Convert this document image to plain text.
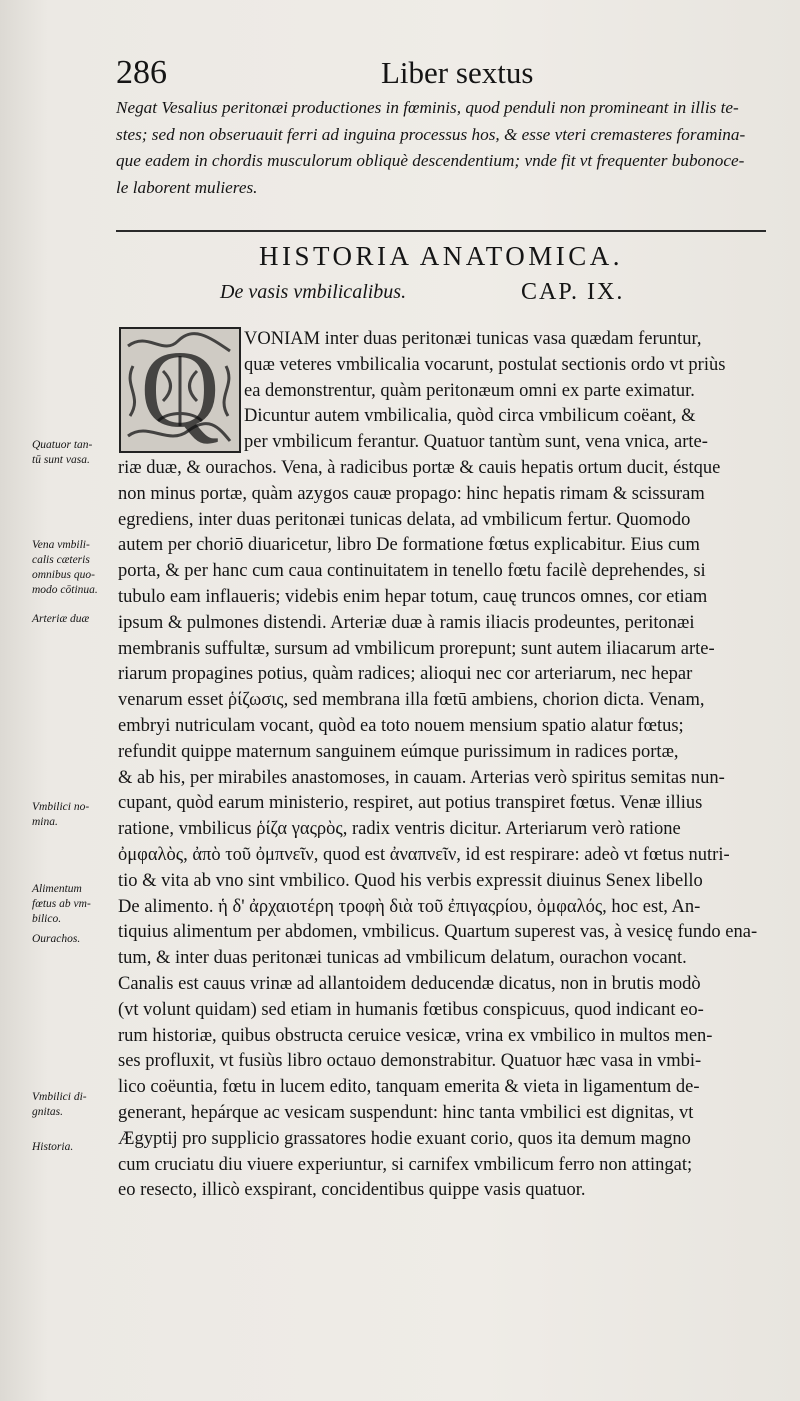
286	Liber sextus

Negat Vesalius peritonæi productiones in fœminis, quod penduli non promineant in illis te-

stes; sed non obseruauit ferri ad inguina processus hos, & esse vteri cremasteres foramina-

que eadem in chordis musculorum obliquè descendentium; vnde fit vt frequenter bubonoce-

le laborent mulieres.

HISTORIA ANATOMICA.
De vasis vmbilicalibus.	CAP. IX.
Q	VONIAM inter duas peritonæi tunicas vasa quædam feruntur,
quæ veteres vmbilicalia vocarunt, postulat sectionis ordo vt priùs
ea demonstrentur, quàm peritonæum omni ex parte eximatur.
Dicuntur autem vmbilicalia, quòd circa vmbilicum coëant, &
per vmbilicum ferantur. Quatuor tantùm sunt, vena vnica, arte-
riæ duæ, & ourachos. Vena, à radicibus portæ & cauis hepatis ortum ducit, éstque
non minus portæ, quàm azygos cauæ propago: hinc hepatis rimam & scissuram
egrediens, inter duas peritonæi tunicas delata, ad vmbilicum fertur. Quomodo
autem per choriō diuaricetur, libro De formatione fœtus explicabitur. Eius cum
porta, & per hanc cum caua continuitatem in tenello fœtu facilè deprehendes, si
tubulo eam inflaueris; videbis enim hepar totum, cauę truncos omnes, cor etiam
ipsum & pulmones distendi. Arteriæ duæ à ramis iliacis prodeuntes, peritonæi
membranis suffultæ, sursum ad vmbilicum prorepunt; sunt autem iliacarum arte-
riarum propagines potius, quàm radices; alioqui nec cor arteriarum, nec hepar
venarum esset ῥίζωσις, sed membrana illa fœtū ambiens, chorion dicta. Venam,
embryi nutriculam vocant, quòd ea toto nouem mensium spatio alatur fœtus;
refundit quippe maternum sanguinem eúmque purissimum in radices portæ,
& ab his, per mirabiles anastomoses, in cauam. Arterias verò spiritus semitas nun-
cupant, quòd earum ministerio, respiret, aut potius transpiret fœtus. Venæ illius
ratione, vmbilicus ῥίζα γαςρὸς, radix ventris dicitur. Arteriarum verò ratione
ὀμφαλὸς, ἀπὸ τοῦ ὀμπνεῖν, quod est ἀναπνεῖν, id est respirare: adeò vt fœtus nutri-
tio & vita ab vno sint vmbilico. Quod his verbis expressit diuinus Senex libello
De alimento. ἡ δ' ἀρχαιοτέρη τροφὴ διὰ τοῦ ἐπιγαςρίου, ὀμφαλός, hoc est, An-
tiquius alimentum per abdomen, vmbilicus. Quartum superest vas, à vesicę fundo ena-
tum, & inter duas peritonæi tunicas ad vmbilicum delatum, ourachon vocant.
Canalis est cauus vrinæ ad allantoidem deducendæ dicatus, non in brutis modò
(vt volunt quidam) sed etiam in humanis fœtibus conspicuus, quod indicant eo-
rum historiæ, quibus obstructa ceruice vesicæ, vrina ex vmbilico in multos men-
ses profluxit, vt fusiùs libro octauo demonstrabitur. Quatuor hæc vasa in vmbi-
lico coëuntia, fœtu in lucem edito, tanquam emerita & vieta in ligamentum de-
generant, hepárque ac vesicam suspendunt: hinc tanta vmbilici est dignitas, vt
Ægyptij pro supplicio grassatores hodie exuant corio, quos ita demum magno
cum cruciatu diu viuere experiuntur, si carnifex vmbilicum ferro non attingat;
eo resecto, illicò exspirant, concidentibus quippe vasis quatuor.
Quatuor tan-
tū sunt vasa.
Vena vmbili-
calis cæteris
omnibus quo-
modo cōtinua.
Arteriæ duæ
Vmbilici no-
mina.
Alimentum
fœtus ab vm-
bilico.
Ourachos.
Vmbilici di-
gnitas.
Historia.
